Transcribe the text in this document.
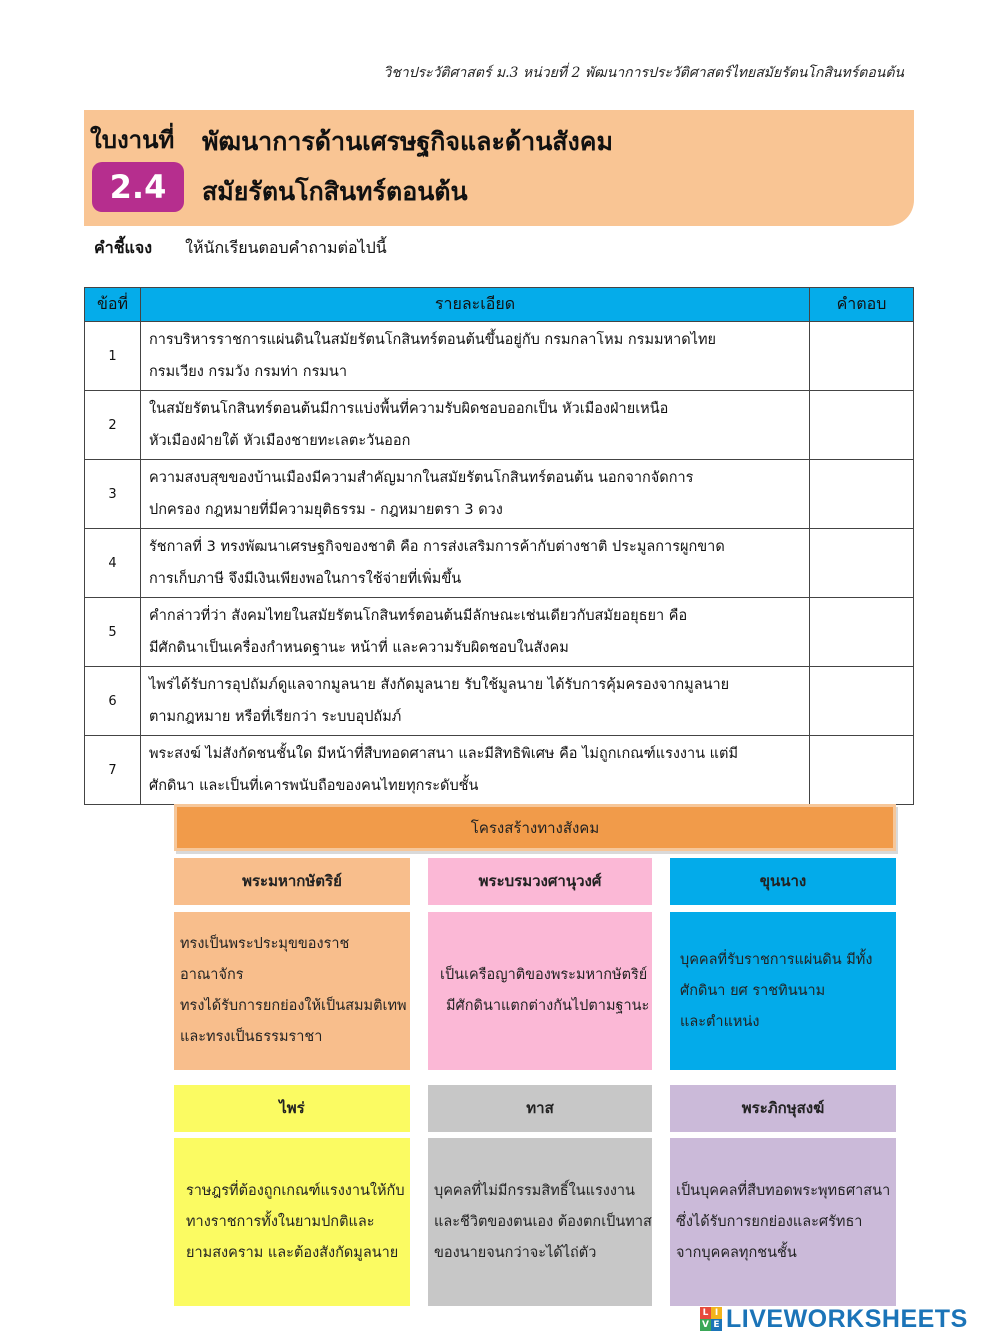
วิชาประวัติศาสตร์ ม.3 หน่วยที่ 2 พัฒนาการประวัติศาสตร์ไทยสมัยรัตนโกสินทร์ตอนต้น
ใบงานที่
2.4
พัฒนาการด้านเศรษฐกิจและด้านสังคม
สมัยรัตนโกสินทร์ตอนต้น
คำชี้แจง ให้นักเรียนตอบคำถามต่อไปนี้
ข้อที่	รายละเอียด	คำตอบ
1	การบริหารราชการแผ่นดินในสมัยรัตนโกสินทร์ตอนต้นขึ้นอยู่กับ กรมกลาโหม กรมมหาดไทย
กรมเวียง กรมวัง กรมท่า กรมนา	

2	ในสมัยรัตนโกสินทร์ตอนต้นมีการแบ่งพื้นที่ความรับผิดชอบออกเป็น หัวเมืองฝ่ายเหนือ
หัวเมืองฝ่ายใต้ หัวเมืองชายทะเลตะวันออก	

3	ความสงบสุขของบ้านเมืองมีความสำคัญมากในสมัยรัตนโกสินทร์ตอนต้น นอกจากจัดการ
ปกครอง กฎหมายที่มีความยุติธรรม - กฎหมายตรา 3 ดวง	

4	รัชกาลที่ 3 ทรงพัฒนาเศรษฐกิจของชาติ คือ การส่งเสริมการค้ากับต่างชาติ ประมูลการผูกขาด
การเก็บภาษี จึงมีเงินเพียงพอในการใช้จ่ายที่เพิ่มขึ้น	

5	คำกล่าวที่ว่า สังคมไทยในสมัยรัตนโกสินทร์ตอนต้นมีลักษณะเช่นเดียวกับสมัยอยุธยา คือ
มีศักดินาเป็นเครื่องกำหนดฐานะ หน้าที่ และความรับผิดชอบในสังคม	

6	ไพร่ได้รับการอุปถัมภ์ดูแลจากมูลนาย สังกัดมูลนาย รับใช้มูลนาย ได้รับการคุ้มครองจากมูลนาย
ตามกฎหมาย หรือที่เรียกว่า ระบบอุปถัมภ์	

7	พระสงฆ์ ไม่สังกัดชนชั้นใด มีหน้าที่สืบทอดศาสนา และมีสิทธิพิเศษ คือ ไม่ถูกเกณฑ์แรงงาน แต่มี
ศักดินา และเป็นที่เคารพนับถือของคนไทยทุกระดับชั้น	

โครงสร้างทางสังคม
พระมหากษัตริย์	พระบรมวงศานุวงศ์	ขุนนาง
ทรงเป็นพระประมุขของราชอาณาจักร
ทรงได้รับการยกย่องให้เป็นสมมติเทพ
และทรงเป็นธรรมราชา
เป็นเครือญาติของพระมหากษัตริย์
มีศักดินาแตกต่างกันไปตามฐานะ
บุคคลที่รับราชการแผ่นดิน มีทั้ง
ศักดินา ยศ ราชทินนาม
และตำแหน่ง
ไพร่	ทาส	พระภิกษุสงฆ์
ราษฎรที่ต้องถูกเกณฑ์แรงงานให้กับ
ทางราชการทั้งในยามปกติและ
ยามสงคราม และต้องสังกัดมูลนาย
บุคคลที่ไม่มีกรรมสิทธิ์ในแรงงาน
และชีวิตของตนเอง ต้องตกเป็นทาส
ของนายจนกว่าจะได้ไถ่ตัว
เป็นบุคคลที่สืบทอดพระพุทธศาสนา
ซึ่งได้รับการยกย่องและศรัทธา
จากบุคคลทุกชนชั้น
L I
V E LIVEWORKSHEETS
